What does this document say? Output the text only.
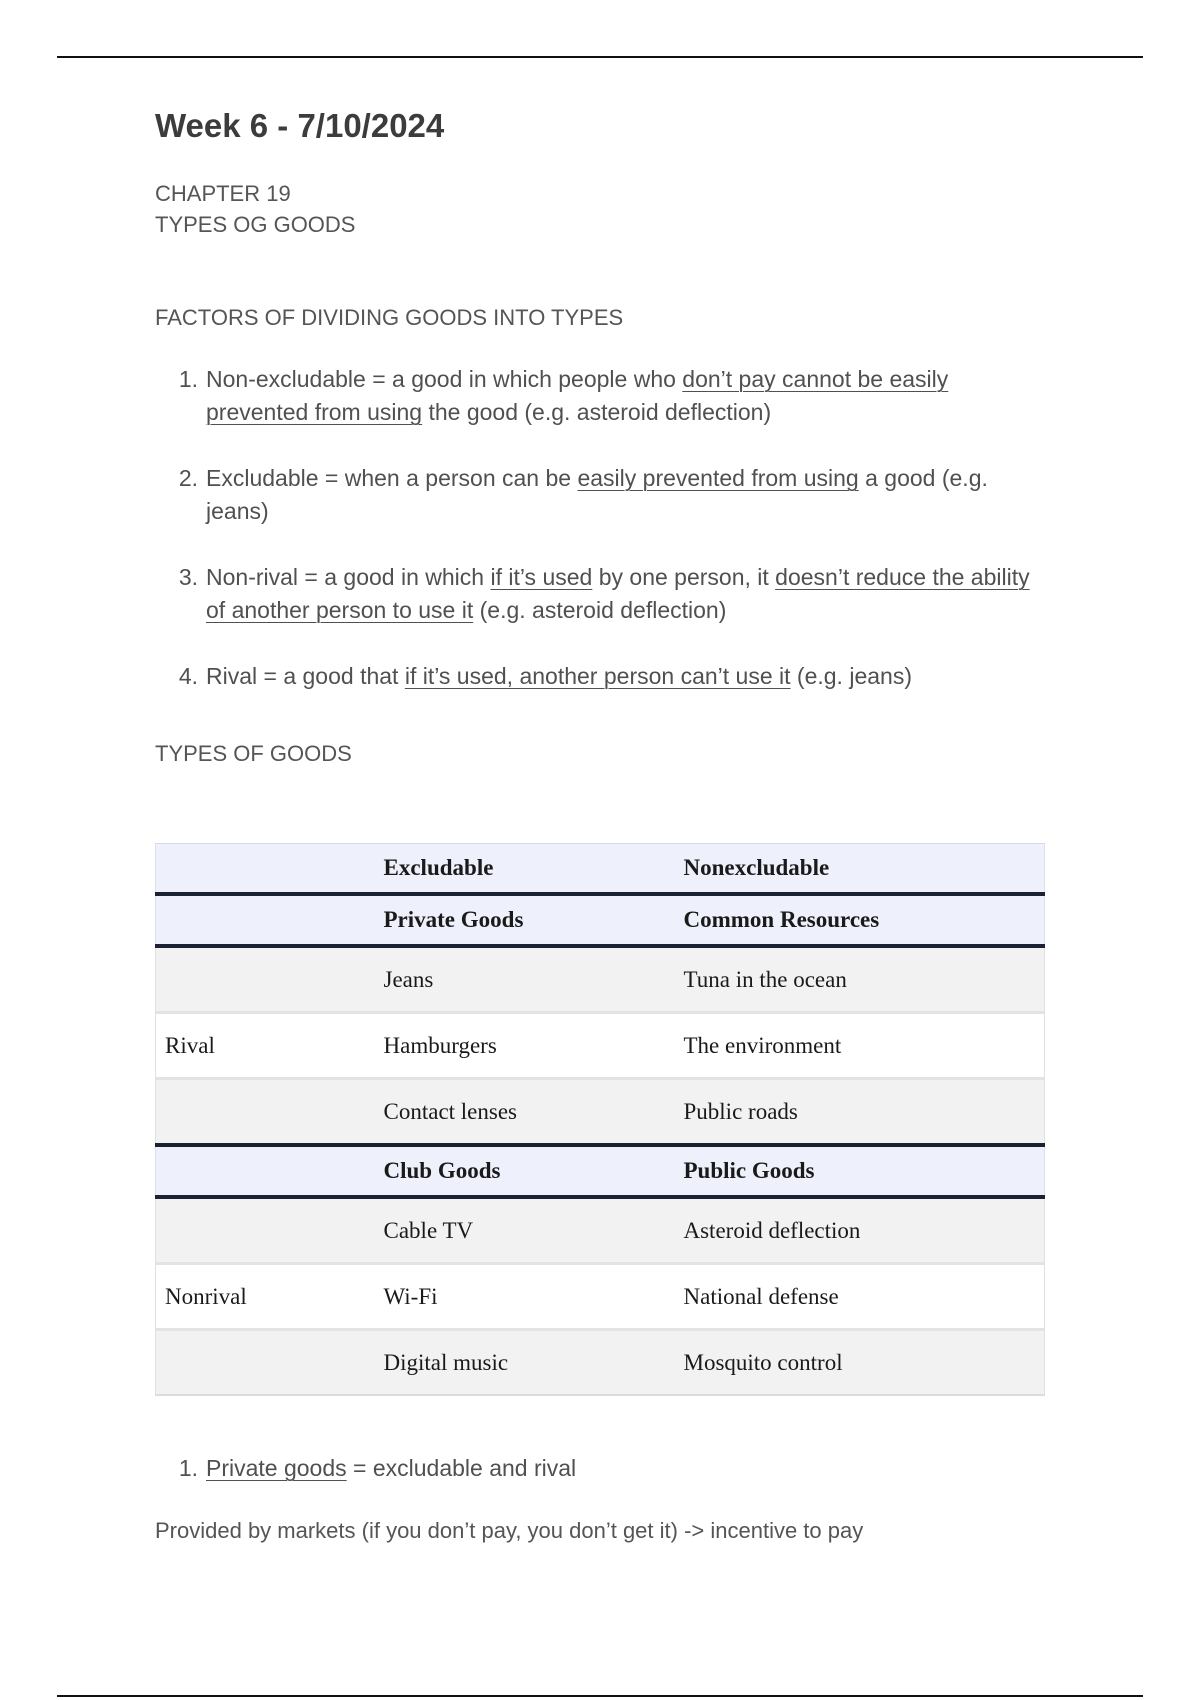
Week 6 - 7/10/2024

CHAPTER 19

TYPES OG GOODS

FACTORS OF DIVIDING GOODS INTO TYPES

1. Non-excludable = a good in which people who don’t pay cannot be easily prevented from using the good (e.g. asteroid deflection)
2. Excludable = when a person can be easily prevented from using a good (e.g. jeans)
3. Non-rival = a good in which if it’s used by one person, it doesn’t reduce the ability of another person to use it (e.g. asteroid deflection)
4. Rival = a good that if it’s used, another person can’t use it (e.g. jeans)

TYPES OF GOODS

	Excludable	Nonexcludable
	Private Goods	Common Resources
	Jeans	Tuna in the ocean
Rival	Hamburgers	The environment
	Contact lenses	Public roads
	Club Goods	Public Goods
	Cable TV	Asteroid deflection
Nonrival	Wi-Fi	National defense
	Digital music	Mosquito control
1. Private goods = excludable and rival

Provided by markets (if you don’t pay, you don’t get it) -> incentive to pay
